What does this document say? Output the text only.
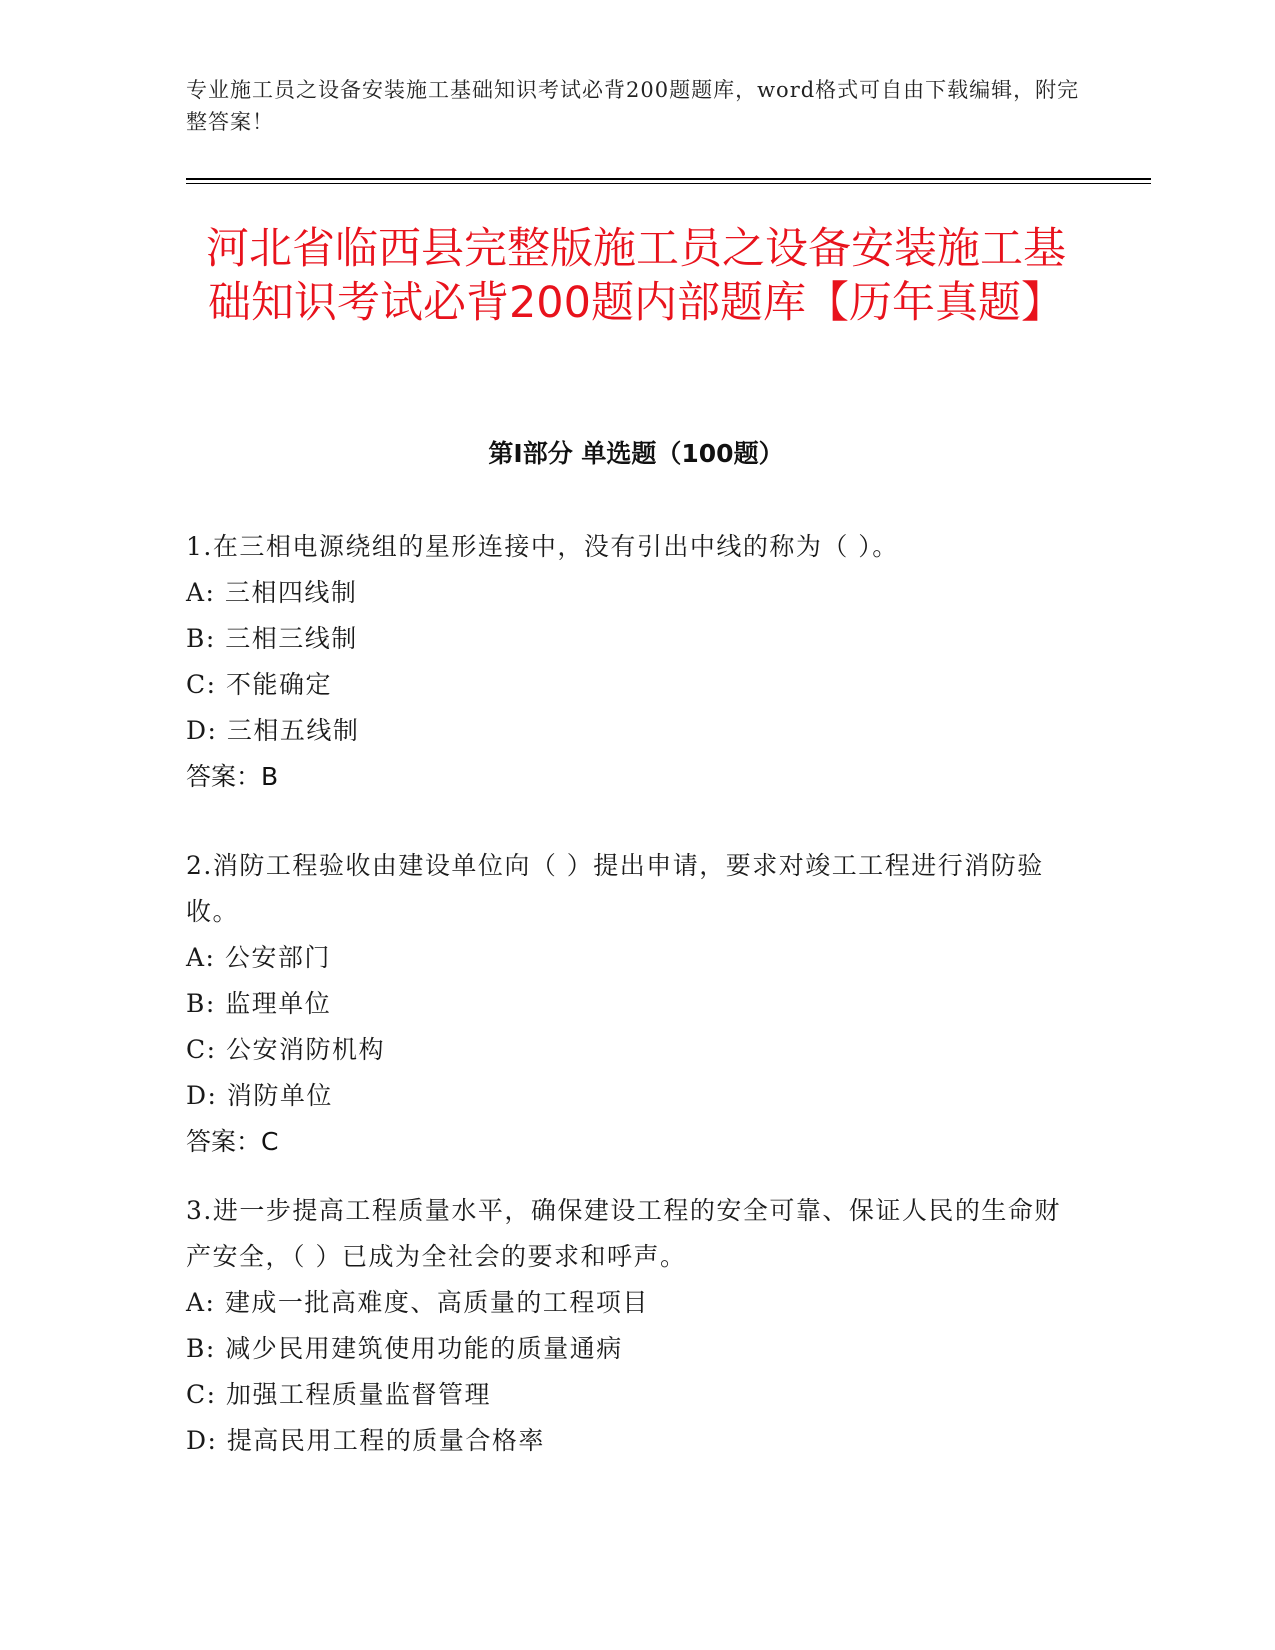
专业施工员之设备安装施工基础知识考试必背200题题库，word格式可自由下载编辑，附完整答案！
河北省临西县完整版施工员之设备安装施工基础知识考试必背200题内部题库【历年真题】
第I部分 单选题（100题）
1.在三相电源绕组的星形连接中，没有引出中线的称为（ ）。
A: 三相四线制
B: 三相三线制
C: 不能确定
D: 三相五线制
答案：B
2.消防工程验收由建设单位向（ ）提出申请，要求对竣工工程进行消防验收。
A: 公安部门
B: 监理单位
C: 公安消防机构
D: 消防单位
答案：C
3.进一步提高工程质量水平，确保建设工程的安全可靠、保证人民的生命财产安全，（ ）已成为全社会的要求和呼声。
A: 建成一批高难度、高质量的工程项目
B: 减少民用建筑使用功能的质量通病
C: 加强工程质量监督管理
D: 提高民用工程的质量合格率
